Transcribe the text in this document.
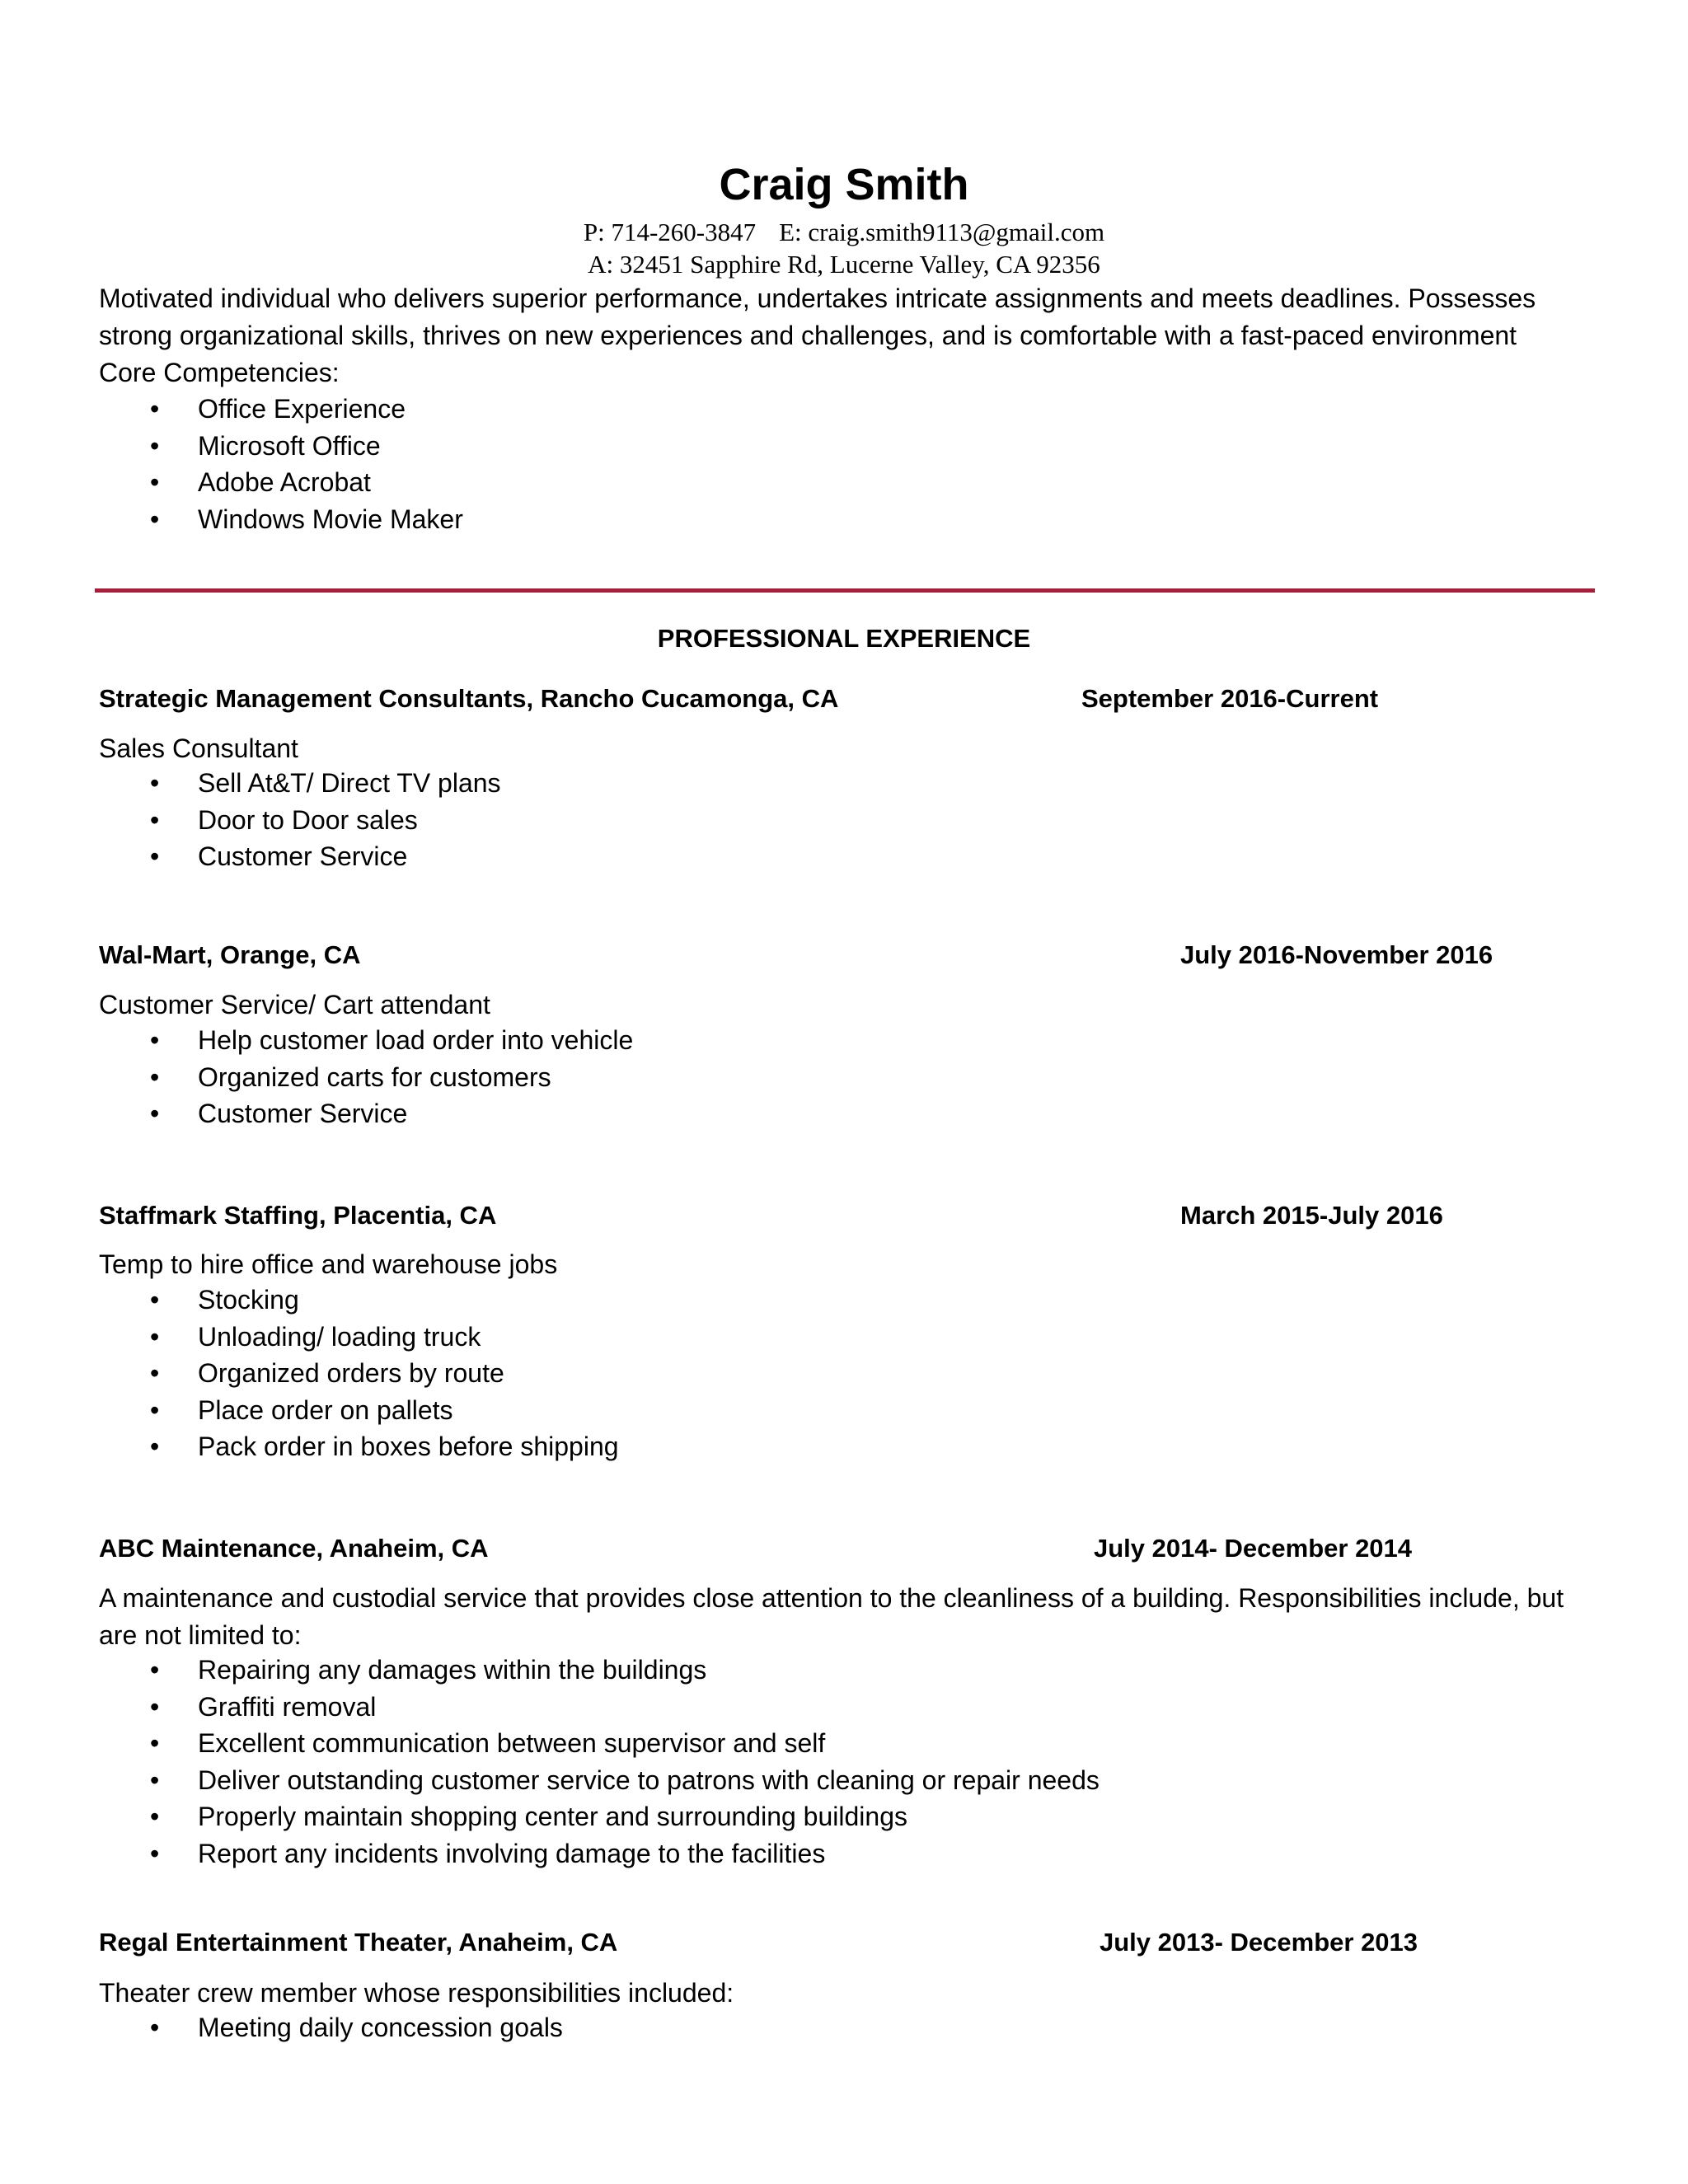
Craig Smith
P: 714-260-3847 E: craig.smith9113@gmail.com
A: 32451 Sapphire Rd, Lucerne Valley, CA 92356
Motivated individual who delivers superior performance, undertakes intricate assignments and meets deadlines. Possesses strong organizational skills, thrives on new experiences and challenges, and is comfortable with a fast-paced environment
Core Competencies:
• Office Experience
• Microsoft Office
• Adobe Acrobat
• Windows Movie Maker
PROFESSIONAL EXPERIENCE
Strategic Management Consultants, Rancho Cucamonga, CA	September 2016-Current
Sales Consultant
• Sell At&T/ Direct TV plans
• Door to Door sales
• Customer Service
Wal-Mart, Orange, CA	July 2016-November 2016
Customer Service/ Cart attendant
• Help customer load order into vehicle
• Organized carts for customers
• Customer Service
Staffmark Staffing, Placentia, CA	March 2015-July 2016
Temp to hire office and warehouse jobs
• Stocking
• Unloading/ loading truck
• Organized orders by route
• Place order on pallets
• Pack order in boxes before shipping
ABC Maintenance, Anaheim, CA	July 2014- December 2014
A maintenance and custodial service that provides close attention to the cleanliness of a building. Responsibilities include, but are not limited to:
• Repairing any damages within the buildings
• Graffiti removal
• Excellent communication between supervisor and self
• Deliver outstanding customer service to patrons with cleaning or repair needs
• Properly maintain shopping center and surrounding buildings
• Report any incidents involving damage to the facilities
Regal Entertainment Theater, Anaheim, CA	July 2013- December 2013
Theater crew member whose responsibilities included:
• Meeting daily concession goals
